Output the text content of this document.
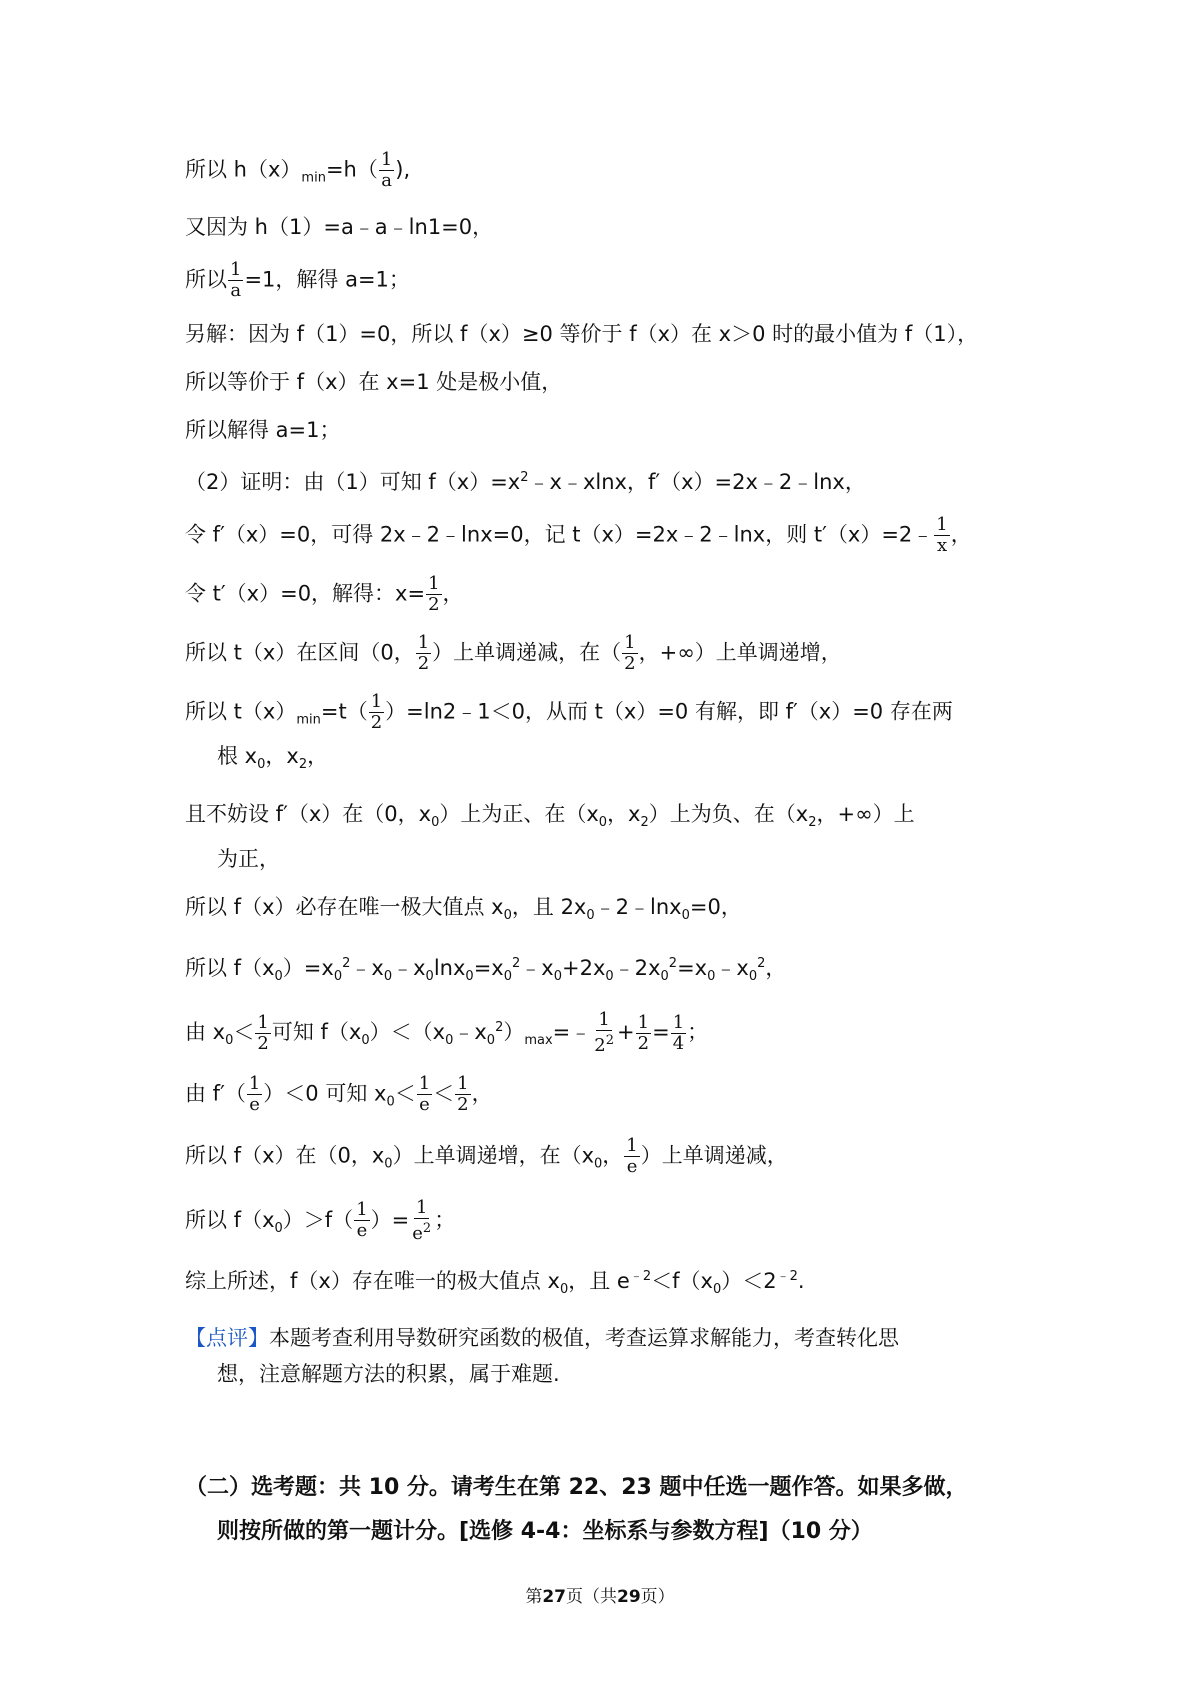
所以 $h(x)_{min}=h( \frac{1}{a}$ ),
又因为 h（1）=a﹣a﹣ln1=0，
所以 $\frac{1}{a} =1$，解得 a=1；
另解：因为 f（1）=0，所以 f（x）≥0 等价于 f（x）在 x＞0 时的最小值为 f（1），
所以等价于 f（x）在 x=1 处是极小值，
所以解得 a=1；
（2）证明：由（1）可知 $f(x)=x^2﹣x﹣xlnx$，f′（x）=2x﹣2﹣lnx，
令 f′（x）=0，可得 2x﹣2﹣lnx=0，记 t（x）=2x﹣2﹣lnx，则 t′（x）=2﹣ $\frac{1}{x}$ ，
令 t′（x）=0，解得：$x= \frac{1}{2}$ ，
所以 t（x）在区间（0， $\frac{1}{2}$ ）上单调递减，在（ $\frac{1}{2}$ ，+∞）上单调递增，
所以 $t(x)_{min}=t( \frac{1}{2}$ ）=ln2﹣1＜0，从而 t（x）=0 有解，即 f′（x）=0 存在两
根 $x_0$，$x_2$，
且不妨设 f′（x）在（0，$x_0$）上为正、在（$x_0$，$x_2$）上为负、在（$x_2$，+∞）上
为正，
所以 f（x）必存在唯一极大值点 $x_0$，且 $2x_0﹣2﹣\ln x_0=0$，
所以 $f(x_0)=x_0^2﹣x_0﹣x_0\ln x_0=x_0^2﹣x_0+2x_0﹣2x_0^2=x_0﹣x_0^2$，
由 $x_0< \frac{1}{2}$ 可知 $f(x_0)<(x_0﹣x_0^2)_{max}=﹣ \frac{1}{2^2} + \frac{1}{2} = \frac{1}{4}$ ；
由 $f'( \frac{1}{e} )<0$ 可知 $x_0< \frac{1}{e} < \frac{1}{2}$ ，
所以 f（x）在（0，$x_0$）上单调递增，在（$x_0$， $\frac{1}{e}$ ）上单调递减，
所以 $f(x_0)>f( \frac{1}{e}$ ）= $\frac{1}{e^2}$ ；
综上所述，f（x）存在唯一的极大值点 $x_0$，且 $e^{﹣2}<f(x_0)<2^{﹣2}$.
【点评】本题考查利用导数研究函数的极值，考查运算求解能力，考查转化思
想，注意解题方法的积累，属于难题.
（二）选考题：共 10 分。请考生在第 22、23 题中任选一题作答。如果多做，
则按所做的第一题计分。[选修 4-4：坐标系与参数方程]（10 分）
第27页（共29页）
